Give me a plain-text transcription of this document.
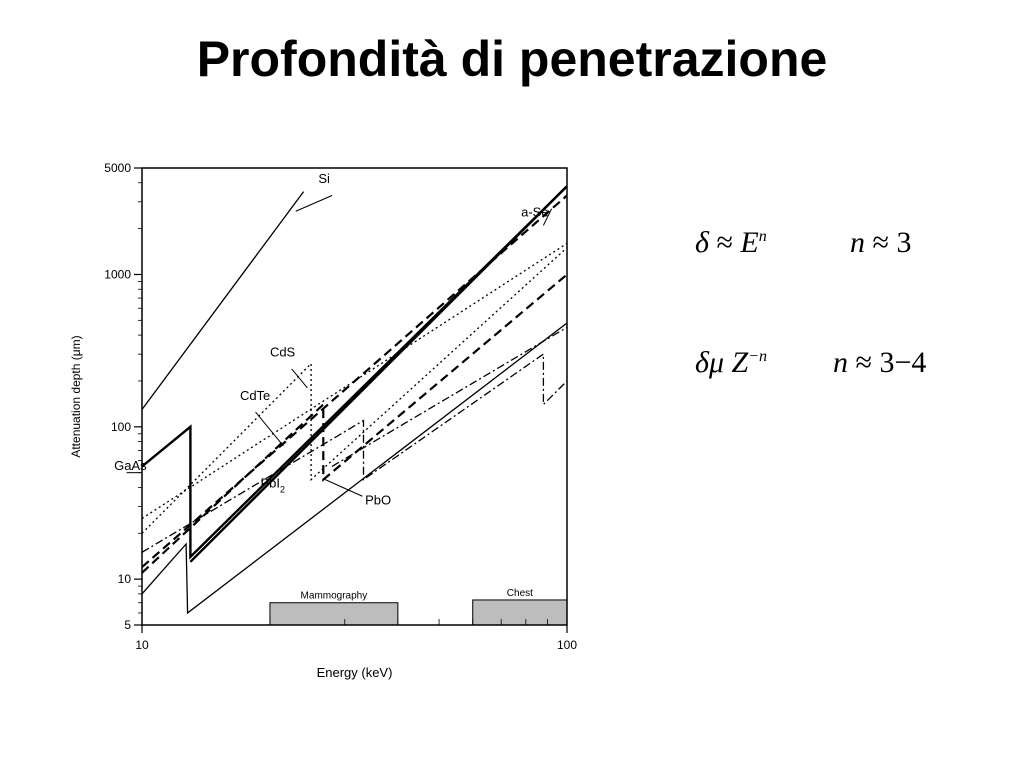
Profondità di penetrazione
Mammography	Chest
5
10
100
1000
5000
10	100
Energy (keV)
Attenuation depth (μm)
Si
a-Se
CdS
CdTe
GaAs
PbI$_2$
PbO
$\delta \approx E^n$	n ≈ 3
δμ $Z^{-n}$ n ≈ 3−4
